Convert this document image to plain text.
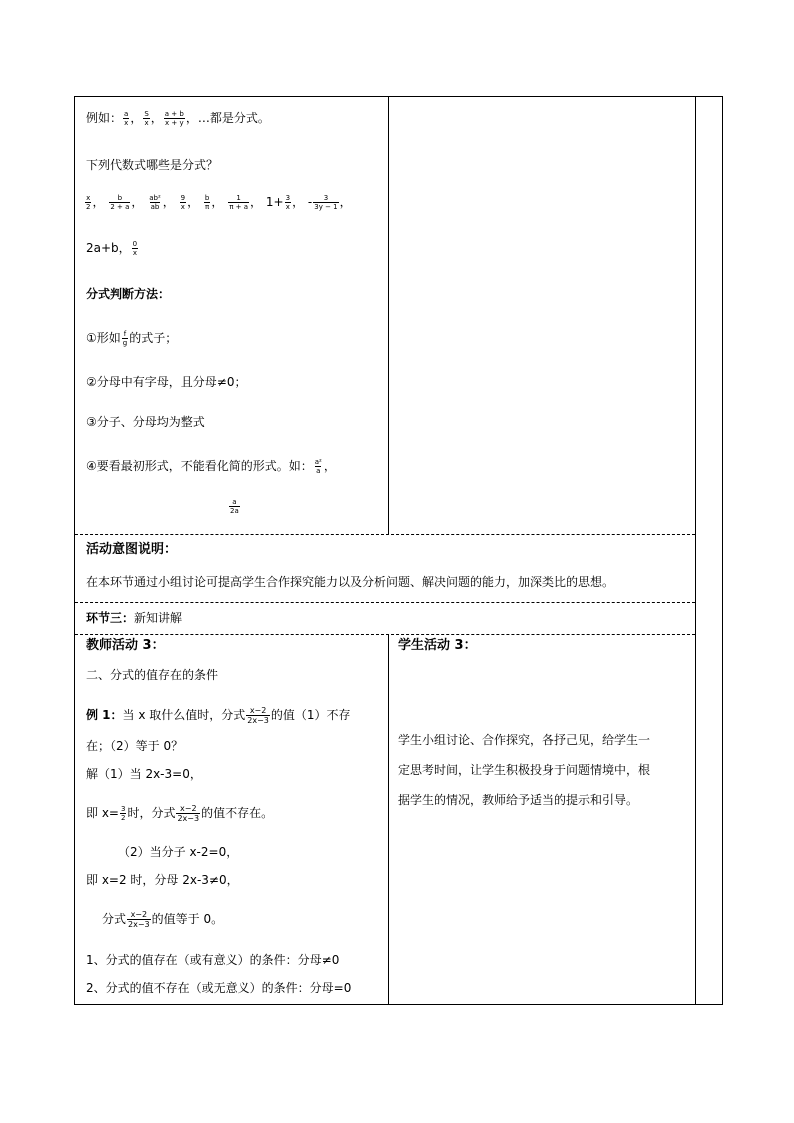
例如： $\frac{a}{x}$ ， $\frac{S}{x}$ ， $\frac{a + b}{x + y}$ ，…都是分式。
下列代数式哪些是分式？
$\frac{x}{2}$ ， $\frac{b}{2 + a}$ ， $\frac{\text{ab²}}{ab}$ ， $\frac{9}{x}$ ， $\frac{b}{\pi}$ ， $\frac{1}{\pi + a}$ ， $1+ \frac{3}{x}$ ， - $\frac{3}{3y - 1}$ ，
2a+b， $\frac{0}{x}$
分式判断方法：
①形如 $\frac{f}{g}$ 的式子；
②分母中有字母，且分母≠0；
③分子、分母均为整式
④要看最初形式，不能看化简的形式。如： $\frac{\text{a²}}{a}$ ，
$\frac{a}{2a}$
活动意图说明：
在本环节通过小组讨论可提高学生合作探究能力以及分析问题、解决问题的能力，加深类比的思想。
环节三：新知讲解
教师活动 3：
二、分式的值存在的条件
例 1：当 x 取什么值时，分式 $\frac{x-2}{2x-3}$ 的值（1）不存
在；（2）等于 0？
解（1）当 2x-3=0，
即 $x= \frac{3}{2}$ 时，分式 $\frac{x-2}{2x-3}$ 的值不存在。
（2）当分子 x-2=0，
即 x=2 时，分母 2x-3≠0，
分式 $\frac{x-2}{2x-3}$ 的值等于 0。
1、分式的值存在（或有意义）的条件：分母≠0
2、分式的值不存在（或无意义）的条件：分母=0
学生活动 3：
学生小组讨论、合作探究，各抒己见，给学生一
定思考时间，让学生积极投身于问题情境中，根
据学生的情况，教师给予适当的提示和引导。
